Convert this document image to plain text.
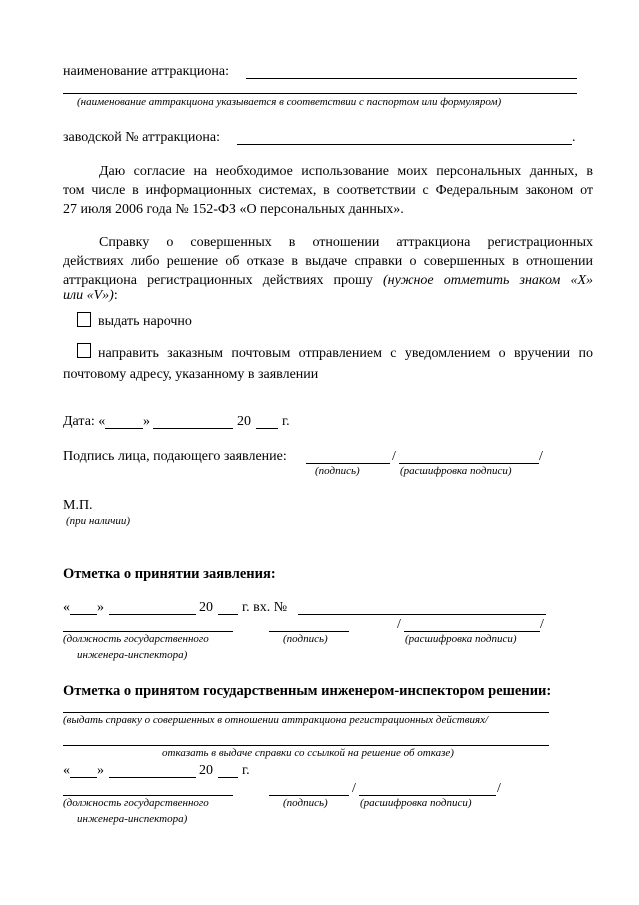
наименование аттракциона:
(наименование аттракциона указывается в соответствии с паспортом или формуляром)
заводской № аттракциона:	.
Даю согласие на необходимое использование моих персональных данных, в
том числе в информационных системах, в соответствии с Федеральным законом от
27 июля 2006 года № 152-ФЗ «О персональных данных».
Справку о совершенных в отношении аттракциона регистрационных
действиях либо решение об отказе в выдаче справки о совершенных в отношении
аттракциона регистрационных действиях прошу (нужное отметить знаком «X»
или «V»):
выдать нарочно
направить заказным почтовым отправлением с уведомлением о вручении по
почтовому адресу, указанному в заявлении
Дата: «	»	20 г.
Подпись лица, подающего заявление:	/	/
(подпись)	(расшифровка подписи)
М.П.
(при наличии)
Отметка о принятии заявления:
« »	20 г. вх. №
/	/
(должность государственного
инженера-инспектора)
(подпись)	(расшифровка подписи)
Отметка о принятом государственным инженером-инспектором решении:
(выдать справку о совершенных в отношении аттракциона регистрационных действиях/
отказать в выдаче справки со ссылкой на решение об отказе)
« »	20 г.
/	/
(должность государственного
инженера-инспектора)
(подпись)	(расшифровка подписи)
